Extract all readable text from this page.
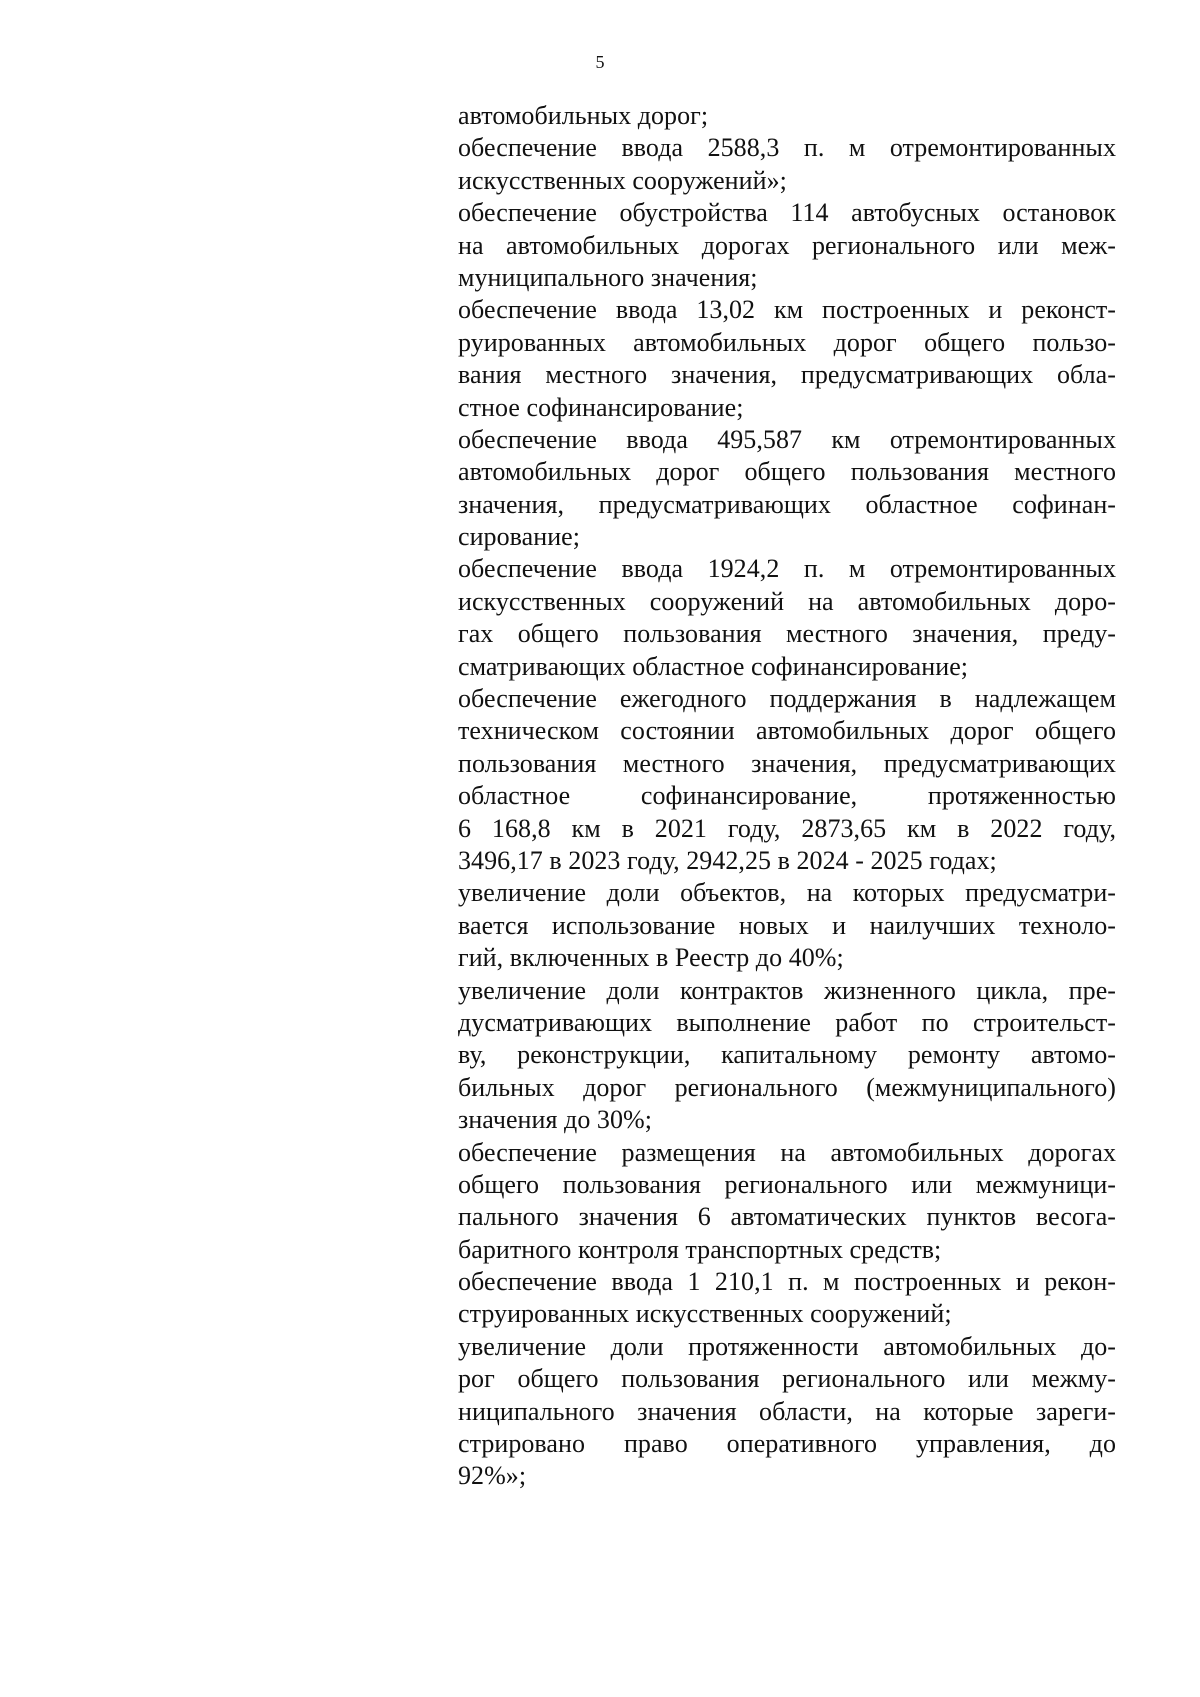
5
автомобильных дорог;
обеспечение ввода 2588,3 п. м отремонтированных
искусственных сооружений»;
обеспечение обустройства 114 автобусных остановок
на автомобильных дорогах регионального или меж-
муниципального значения;
обеспечение ввода 13,02 км построенных и реконст-
руированных автомобильных дорог общего пользо-
вания местного значения, предусматривающих обла-
стное софинансирование;
обеспечение ввода 495,587 км отремонтированных
автомобильных дорог общего пользования местного
значения, предусматривающих областное софинан-
сирование;
обеспечение ввода 1924,2 п. м отремонтированных
искусственных сооружений на автомобильных доро-
гах общего пользования местного значения, преду-
сматривающих областное софинансирование;
обеспечение ежегодного поддержания в надлежащем
техническом состоянии автомобильных дорог общего
пользования местного значения, предусматривающих
областное софинансирование, протяженностью
6 168,8 км в 2021 году, 2873,65 км в 2022 году,
3496,17 в 2023 году, 2942,25 в 2024 - 2025 годах;
увеличение доли объектов, на которых предусматри-
вается использование новых и наилучших техноло-
гий, включенных в Реестр до 40%;
увеличение доли контрактов жизненного цикла, пре-
дусматривающих выполнение работ по строительст-
ву, реконструкции, капитальному ремонту автомо-
бильных дорог регионального (межмуниципального)
значения до 30%;
обеспечение размещения на автомобильных дорогах
общего пользования регионального или межмуници-
пального значения 6 автоматических пунктов весога-
баритного контроля транспортных средств;
обеспечение ввода 1 210,1 п. м построенных и рекон-
струированных искусственных сооружений;
увеличение доли протяженности автомобильных до-
рог общего пользования регионального или межму-
ниципального значения области, на которые зареги-
стрировано право оперативного управления, до
92%»;
